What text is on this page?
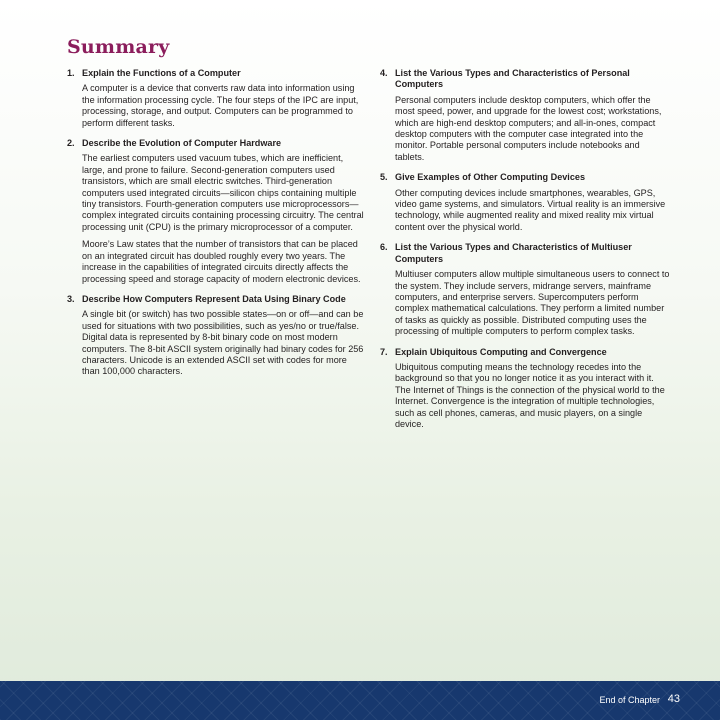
Summary
1. Explain the Functions of a Computer

A computer is a device that converts raw data into information using the information processing cycle. The four steps of the IPC are input, processing, storage, and output. Computers can be programmed to perform different tasks.

2. Describe the Evolution of Computer Hardware

The earliest computers used vacuum tubes, which are inefficient, large, and prone to failure. Second-generation computers used transistors, which are small electric switches. Third-generation computers used integrated circuits—silicon chips containing multiple tiny transistors. Fourth-generation computers use microprocessors—complex integrated circuits containing processing circuitry. The central processing unit (CPU) is the primary microprocessor of a computer.

Moore’s Law states that the number of transistors that can be placed on an integrated circuit has doubled roughly every two years. The increase in the capabilities of integrated circuits directly affects the processing speed and storage capacity of modern electronic devices.

3. Describe How Computers Represent Data Using Binary Code

A single bit (or switch) has two possible states—on or off—and can be used for situations with two possibilities, such as yes/no or true/false. Digital data is represented by 8-bit binary code on most modern computers. The 8-bit ASCII system originally had binary codes for 256 characters. Unicode is an extended ASCII set with codes for more than 100,000 characters.

4. List the Various Types and Characteristics of Personal Computers

Personal computers include desktop computers, which offer the most speed, power, and upgrade for the lowest cost; workstations, which are high-end desktop computers; and all-in-ones, compact desktop computers with the computer case integrated into the monitor. Portable personal computers include notebooks and tablets.

5. Give Examples of Other Computing Devices

Other computing devices include smartphones, wearables, GPS, video game systems, and simulators. Virtual reality is an immersive technology, while augmented reality and mixed reality mix virtual content over the physical world.

6. List the Various Types and Characteristics of Multiuser Computers

Multiuser computers allow multiple simultaneous users to connect to the system. They include servers, midrange servers, mainframe computers, and enterprise servers. Supercomputers perform complex mathematical calculations. They perform a limited number of tasks as quickly as possible. Distributed computing uses the processing of multiple computers to perform complex tasks.

7. Explain Ubiquitous Computing and Convergence

Ubiquitous computing means the technology recedes into the background so that you no longer notice it as you interact with it. The Internet of Things is the connection of the physical world to the Internet. Convergence is the integration of multiple technologies, such as cell phones, cameras, and music players, on a single device.

End of Chapter 43
